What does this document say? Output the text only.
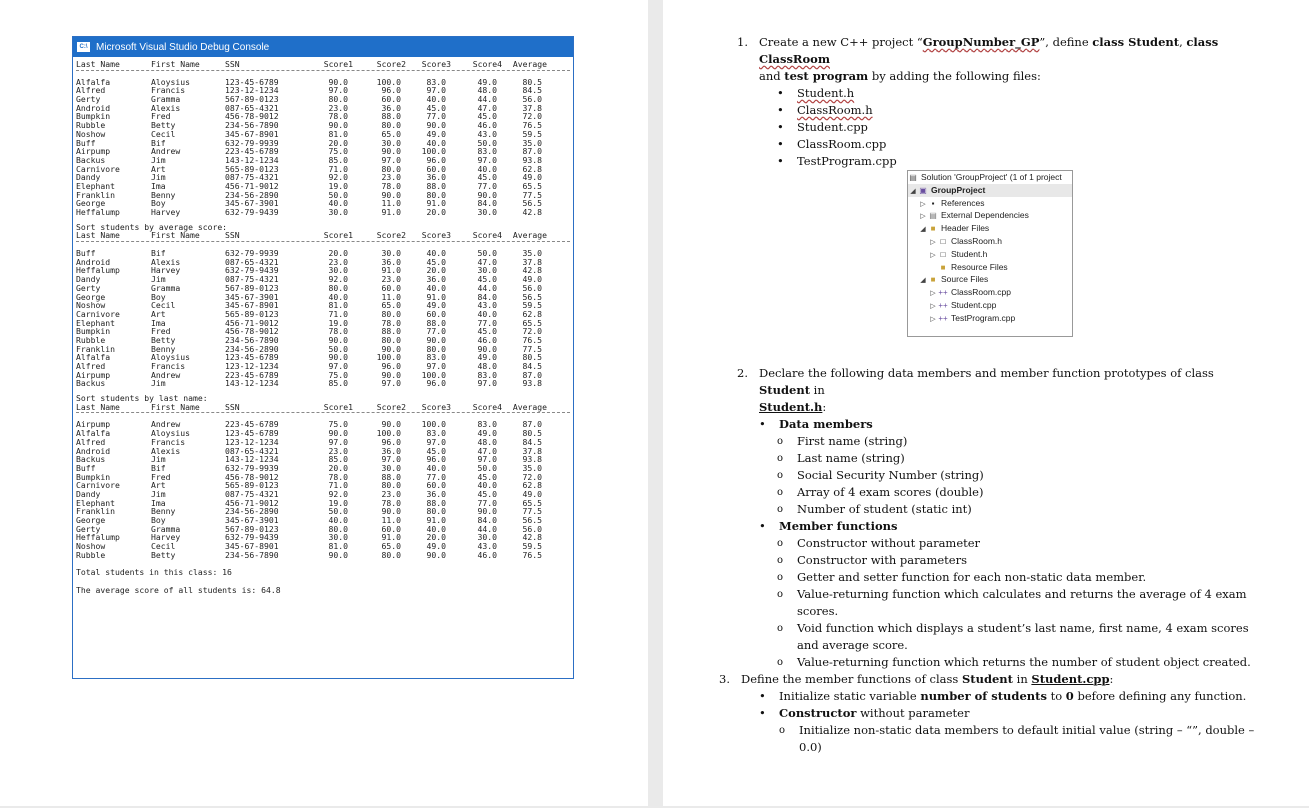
C:\ Microsoft Visual Studio Debug Console
Last Name	First Name	SSN	Score1	Score2	Score3	Score4	Average
Alfalfa	Aloysius	123-45-6789	90.0	100.0	83.0	49.0	80.5
Alfred	Francis	123-12-1234	97.0	96.0	97.0	48.0	84.5
Gerty	Gramma	567-89-0123	80.0	60.0	40.0	44.0	56.0
Android	Alexis	087-65-4321	23.0	36.0	45.0	47.0	37.8
Bumpkin	Fred	456-78-9012	78.0	88.0	77.0	45.0	72.0
Rubble	Betty	234-56-7890	90.0	80.0	90.0	46.0	76.5
Noshow	Cecil	345-67-8901	81.0	65.0	49.0	43.0	59.5
Buff	Bif	632-79-9939	20.0	30.0	40.0	50.0	35.0
Airpump	Andrew	223-45-6789	75.0	90.0	100.0	83.0	87.0
Backus	Jim	143-12-1234	85.0	97.0	96.0	97.0	93.8
Carnivore	Art	565-89-0123	71.0	80.0	60.0	40.0	62.8
Dandy	Jim	087-75-4321	92.0	23.0	36.0	45.0	49.0
Elephant	Ima	456-71-9012	19.0	78.0	88.0	77.0	65.5
Franklin	Benny	234-56-2890	50.0	90.0	80.0	90.0	77.5
George	Boy	345-67-3901	40.0	11.0	91.0	84.0	56.5
Heffalump	Harvey	632-79-9439	30.0	91.0	20.0	30.0	42.8
Sort students by average score:
Last Name	First Name	SSN	Score1	Score2	Score3	Score4	Average
Buff	Bif	632-79-9939	20.0	30.0	40.0	50.0	35.0
Android	Alexis	087-65-4321	23.0	36.0	45.0	47.0	37.8
Heffalump	Harvey	632-79-9439	30.0	91.0	20.0	30.0	42.8
Dandy	Jim	087-75-4321	92.0	23.0	36.0	45.0	49.0
Gerty	Gramma	567-89-0123	80.0	60.0	40.0	44.0	56.0
George	Boy	345-67-3901	40.0	11.0	91.0	84.0	56.5
Noshow	Cecil	345-67-8901	81.0	65.0	49.0	43.0	59.5
Carnivore	Art	565-89-0123	71.0	80.0	60.0	40.0	62.8
Elephant	Ima	456-71-9012	19.0	78.0	88.0	77.0	65.5
Bumpkin	Fred	456-78-9012	78.0	88.0	77.0	45.0	72.0
Rubble	Betty	234-56-7890	90.0	80.0	90.0	46.0	76.5
Franklin	Benny	234-56-2890	50.0	90.0	80.0	90.0	77.5
Alfalfa	Aloysius	123-45-6789	90.0	100.0	83.0	49.0	80.5
Alfred	Francis	123-12-1234	97.0	96.0	97.0	48.0	84.5
Airpump	Andrew	223-45-6789	75.0	90.0	100.0	83.0	87.0
Backus	Jim	143-12-1234	85.0	97.0	96.0	97.0	93.8
Sort students by last name:
Last Name	First Name	SSN	Score1	Score2	Score3	Score4	Average
Airpump	Andrew	223-45-6789	75.0	90.0	100.0	83.0	87.0
Alfalfa	Aloysius	123-45-6789	90.0	100.0	83.0	49.0	80.5
Alfred	Francis	123-12-1234	97.0	96.0	97.0	48.0	84.5
Android	Alexis	087-65-4321	23.0	36.0	45.0	47.0	37.8
Backus	Jim	143-12-1234	85.0	97.0	96.0	97.0	93.8
Buff	Bif	632-79-9939	20.0	30.0	40.0	50.0	35.0
Bumpkin	Fred	456-78-9012	78.0	88.0	77.0	45.0	72.0
Carnivore	Art	565-89-0123	71.0	80.0	60.0	40.0	62.8
Dandy	Jim	087-75-4321	92.0	23.0	36.0	45.0	49.0
Elephant	Ima	456-71-9012	19.0	78.0	88.0	77.0	65.5
Franklin	Benny	234-56-2890	50.0	90.0	80.0	90.0	77.5
George	Boy	345-67-3901	40.0	11.0	91.0	84.0	56.5
Gerty	Gramma	567-89-0123	80.0	60.0	40.0	44.0	56.0
Heffalump	Harvey	632-79-9439	30.0	91.0	20.0	30.0	42.8
Noshow	Cecil	345-67-8901	81.0	65.0	49.0	43.0	59.5
Rubble	Betty	234-56-7890	90.0	80.0	90.0	46.0	76.5
Total students in this class: 16
The average score of all students is: 64.8
1. Create a new C++ project “GroupNumber_GP”, define class Student, class ClassRoom
and test program by adding the following files:

• Student.h
• ClassRoom.h
• Student.cpp
• ClassRoom.cpp
• TestProgram.cpp
2. Declare the following data members and member function prototypes of class Student in
Student.h:

• Data members
o First name (string)
o Last name (string)
o Social Security Number (string)
o Array of 4 exam scores (double)
o Number of student (static int)
• Member functions
o Constructor without parameter
o Constructor with parameters
o Getter and setter function for each non-static data member.
o Value-returning function which calculates and returns the average of 4 exam scores.
o Void function which displays a student’s last name, first name, 4 exam scores and average score.
o Value-returning function which returns the number of student object created.
3. Define the member functions of class Student in Student.cpp:

• Initialize static variable number of students to 0 before defining any function.
• Constructor without parameter
o Initialize non-static data members to default initial value (string – “”, double – 0.0)
▤ Solution 'GroupProject' (1 of 1 project
◢ ▣ GroupProject
▷ ▪ References
▷ ▤ External Dependencies
◢ ■ Header Files
▷ □ ClassRoom.h
▷ □ Student.h
■ Resource Files
◢ ■ Source Files
▷ ++ ClassRoom.cpp
▷ ++ Student.cpp
▷ ++ TestProgram.cpp
